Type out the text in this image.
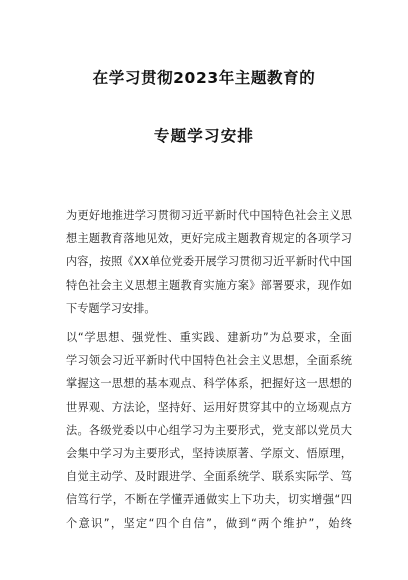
在学习贯彻2023年主题教育的
专题学习安排
为更好地推进学习贯彻习近平新时代中国特色社会主义思
想主题教育落地见效，更好完成主题教育规定的各项学习
内容，按照《XX单位党委开展学习贯彻习近平新时代中国
特色社会主义思想主题教育实施方案》部署要求，现作如
下专题学习安排。
以“学思想、强党性、重实践、建新功”为总要求，全面
学习领会习近平新时代中国特色社会主义思想，全面系统
掌握这一思想的基本观点、科学体系，把握好这一思想的
世界观、方法论，坚持好、运用好贯穿其中的立场观点方
法。各级党委以中心组学习为主要形式，党支部以党员大
会集中学习为主要形式，坚持读原著、学原文、悟原理，
自觉主动学、及时跟进学、全面系统学、联系实际学、笃
信笃行学，不断在学懂弄通做实上下功夫，切实增强“四
个意识”，坚定“四个自信”，做到“两个维护”，始终
